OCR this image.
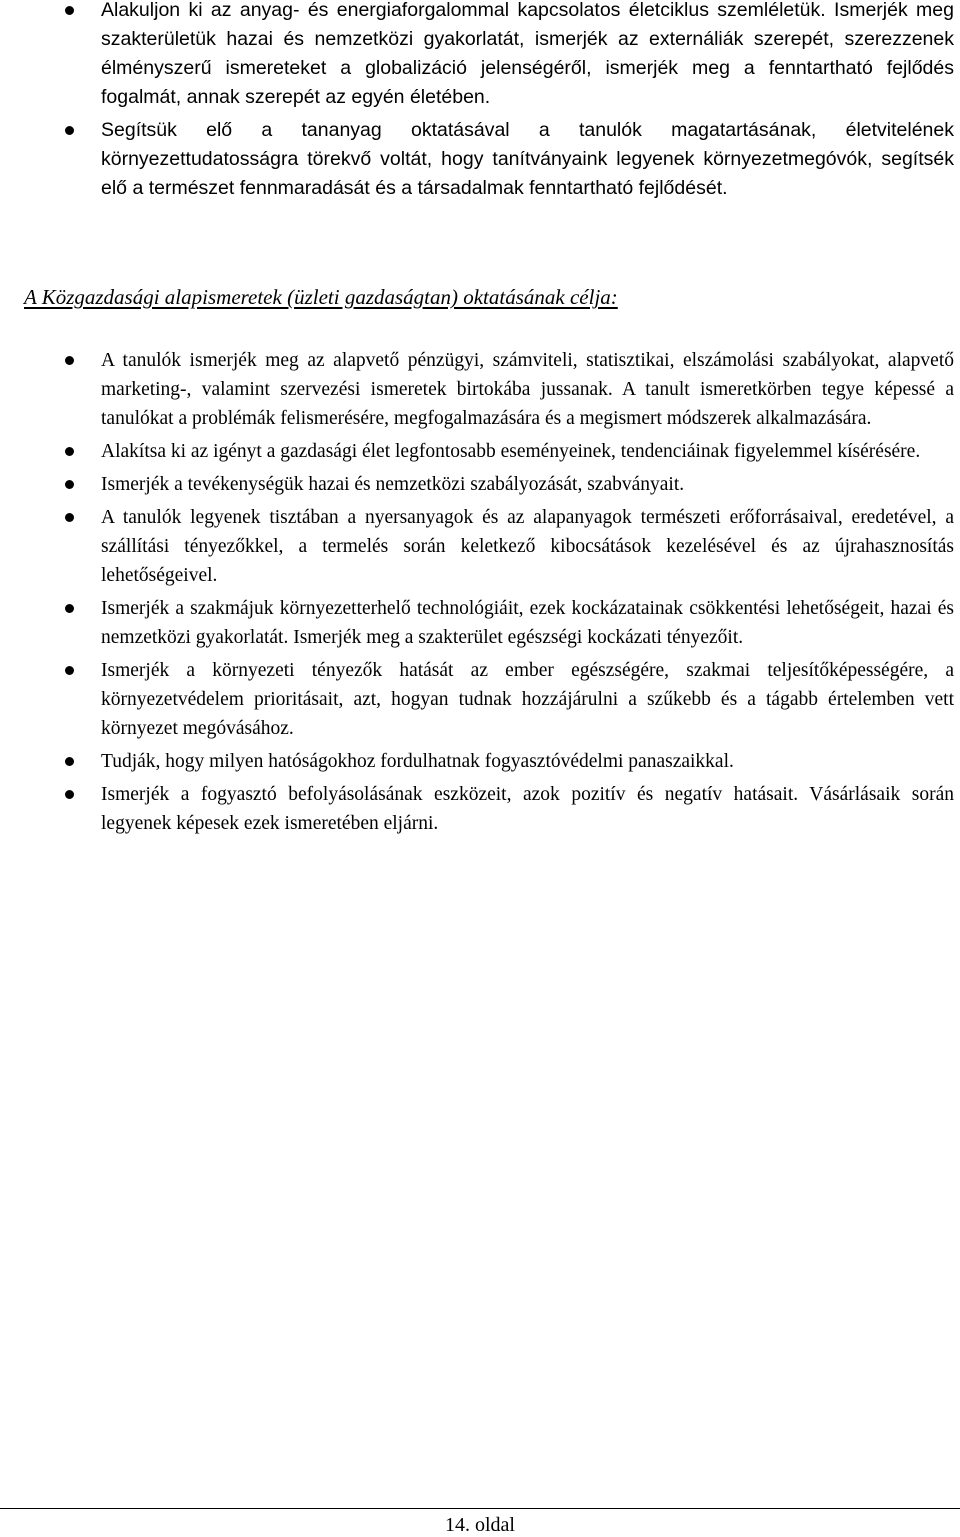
Alakuljon ki az anyag- és energiaforgalommal kapcsolatos életciklus szemléletük. Ismerjék meg szakterületük hazai és nemzetközi gyakorlatát, ismerjék az externáliák szerepét, szerezzenek élményszerű ismereteket a globalizáció jelenségéről, ismerjék meg a fenntartható fejlődés fogalmát, annak szerepét az egyén életében.
Segítsük elő a tananyag oktatásával a tanulók magatartásának, életvitelének környezettudatosságra törekvő voltát, hogy tanítványaink legyenek környezetmegóvók, segítsék elő a természet fennmaradását és a társadalmak fenntartható fejlődését.
A Közgazdasági alapismeretek (üzleti gazdaságtan) oktatásának célja:
A tanulók ismerjék meg az alapvető pénzügyi, számviteli, statisztikai, elszámolási szabályokat, alapvető marketing-, valamint szervezési ismeretek birtokába jussanak. A tanult ismeretkörben tegye képessé a tanulókat a problémák felismerésére, megfogalmazására és a megismert módszerek alkalmazására.
Alakítsa ki az igényt a gazdasági élet legfontosabb eseményeinek, tendenciáinak figyelemmel kísérésére.
Ismerjék a tevékenységük hazai és nemzetközi szabályozását, szabványait.
A tanulók legyenek tisztában a nyersanyagok és az alapanyagok természeti erőforrásaival, eredetével, a szállítási tényezőkkel, a termelés során keletkező kibocsátások kezelésével és az újrahasznosítás lehetőségeivel.
Ismerjék a szakmájuk környezetterhelő technológiáit, ezek kockázatainak csökkentési lehetőségeit, hazai és nemzetközi gyakorlatát. Ismerjék meg a szakterület egészségi kockázati tényezőit.
Ismerjék a környezeti tényezők hatását az ember egészségére, szakmai teljesítőképességére, a környezetvédelem prioritásait, azt, hogyan tudnak hozzájárulni a szűkebb és a tágabb értelemben vett környezet megóvásához.
Tudják, hogy milyen hatóságokhoz fordulhatnak fogyasztóvédelmi panaszaikkal.
Ismerjék a fogyasztó befolyásolásának eszközeit, azok pozitív és negatív hatásait. Vásárlásaik során legyenek képesek ezek ismeretében eljárni.
14. oldal
